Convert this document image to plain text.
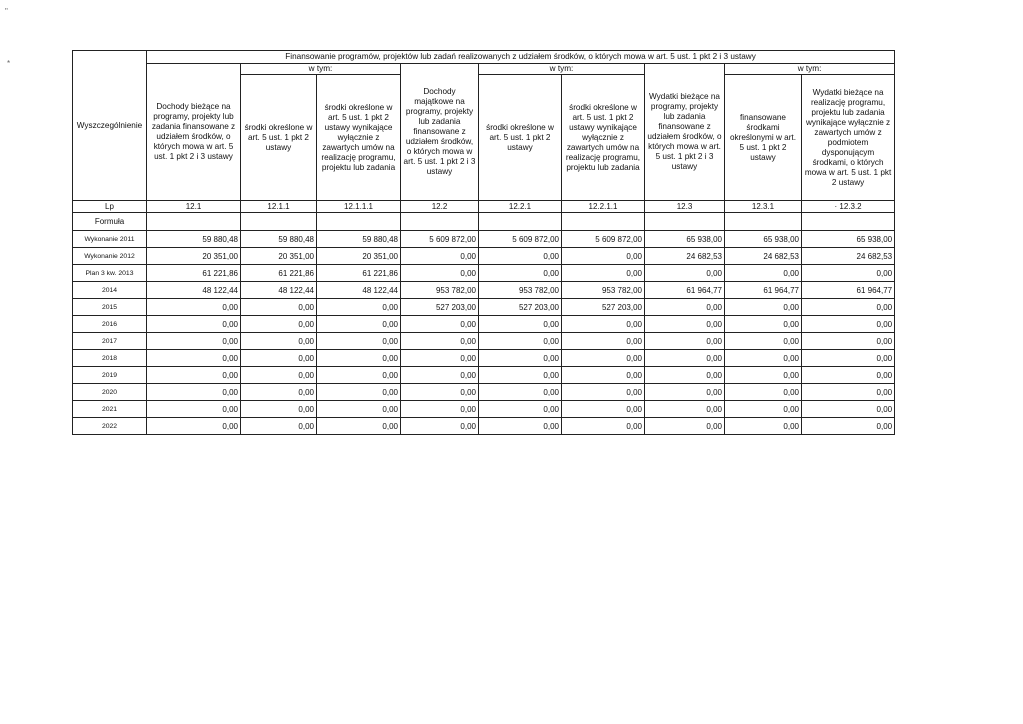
"
*
Wyszczególnienie	Finansowanie programów, projektów lub zadań realizowanych z udziałem środków, o których mowa w art. 5 ust. 1 pkt 2 i 3 ustawy								
	Dochody bieżące na programy, projekty lub zadania finansowane z udziałem środków, o których mowa w art. 5 ust. 1 pkt 2 i 3 ustawy	w tym:		Dochody majątkowe na programy, projekty lub zadania finansowane z udziałem środków, o których mowa w art. 5 ust. 1 pkt 2 i 3 ustawy	w tym:		Wydatki bieżące na programy, projekty lub zadania finansowane z udziałem środków, o których mowa w art. 5 ust. 1 pkt 2 i 3 ustawy	w tym:	
		środki określone w art. 5 ust. 1 pkt 2 ustawy	środki określone w art. 5 ust. 1 pkt 2 ustawy wynikające wyłącznie z zawartych umów na realizację programu, projektu lub zadania		środki określone w art. 5 ust. 1 pkt 2 ustawy	środki określone w art. 5 ust. 1 pkt 2 ustawy wynikające wyłącznie z zawartych umów na realizację programu, projektu lub zadania		finansowane środkami określonymi w art. 5 ust. 1 pkt 2 ustawy	Wydatki bieżące na realizację programu, projektu lub zadania wynikające wyłącznie z zawartych umów z podmiotem dysponującym środkami, o których mowa w art. 5 ust. 1 pkt 2 ustawy
Lp	12.1	12.1.1	12.1.1.1	12.2	12.2.1	12.2.1.1	12.3	12.3.1	· 12.3.2
Formuła									
Wykonanie 2011	59 880,48	59 880,48	59 880,48	5 609 872,00	5 609 872,00	5 609 872,00	65 938,00	65 938,00	65 938,00
Wykonanie 2012	20 351,00	20 351,00	20 351,00	0,00	0,00	0,00	24 682,53	24 682,53	24 682,53
Plan 3 kw. 2013	61 221,86	61 221,86	61 221,86	0,00	0,00	0,00	0,00	0,00	0,00
2014	48 122,44	48 122,44	48 122,44	953 782,00	953 782,00	953 782,00	61 964,77	61 964,77	61 964,77
2015	0,00	0,00	0,00	527 203,00	527 203,00	527 203,00	0,00	0,00	0,00
2016	0,00	0,00	0,00	0,00	0,00	0,00	0,00	0,00	0,00
2017	0,00	0,00	0,00	0,00	0,00	0,00	0,00	0,00	0,00
2018	0,00	0,00	0,00	0,00	0,00	0,00	0,00	0,00	0,00
2019	0,00	0,00	0,00	0,00	0,00	0,00	0,00	0,00	0,00
2020	0,00	0,00	0,00	0,00	0,00	0,00	0,00	0,00	0,00
2021	0,00	0,00	0,00	0,00	0,00	0,00	0,00	0,00	0,00
2022	0,00	0,00	0,00	0,00	0,00	0,00	0,00	0,00	0,00
